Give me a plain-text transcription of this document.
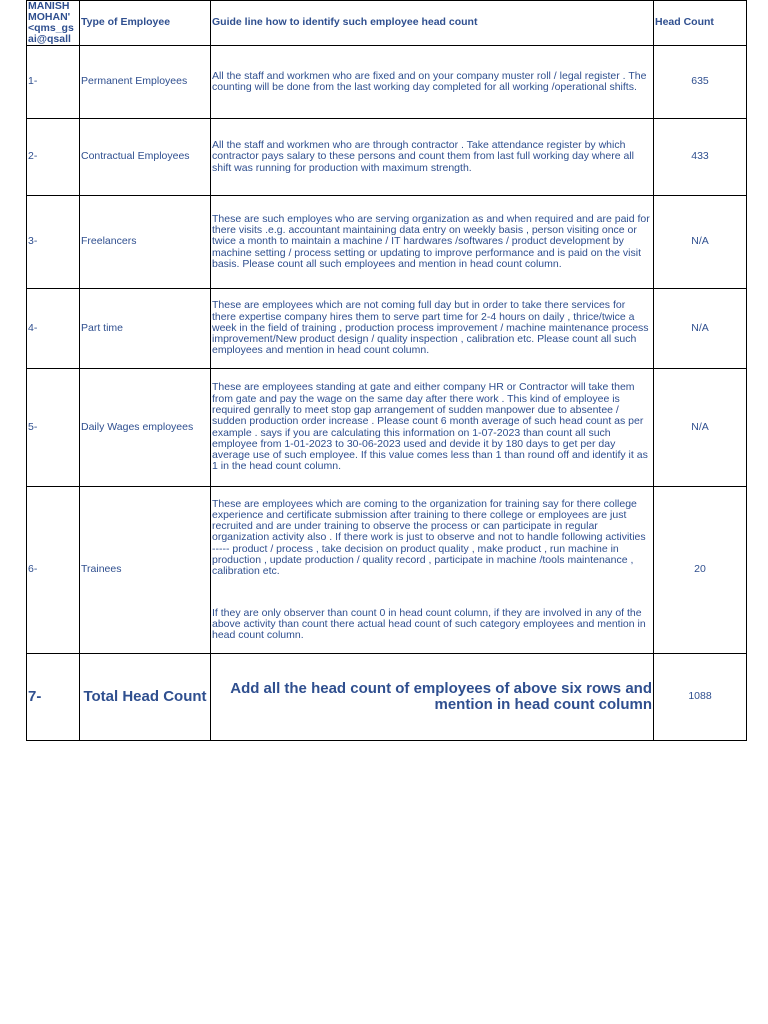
MANISH MOHAN' <qms_gs ai@qsall	Type of Employee	Guide line how to identify such employee head count	Head Count
1-	Permanent Employees	All the staff and workmen who are fixed and on your company muster roll / legal register . The counting will be done from the last working day completed for all working /operational shifts.	635
2-	Contractual Employees	All the staff and workmen who are through contractor . Take attendance register by which contractor pays salary to these persons and count them from last full working day where all shift was running for production with maximum strength.	433
3-	Freelancers	These are such employes who are serving organization as and when required and are paid for there visits .e.g. accountant maintaining data entry on weekly basis , person visiting once or twice a month to maintain a machine / IT hardwares /softwares / product development by machine setting / process setting or updating to improve performance and is paid on the visit basis. Please count all such employees and mention in head count column.	N/A
4-	Part time	These are employees which are not coming full day but in order to take there services for there expertise company hires them to serve part time for 2-4 hours on daily , thrice/twice a week in the field of training , production process improvement / machine maintenance process improvement/New product design / quality inspection , calibration etc. Please count all such employees and mention in head count column.	N/A
5-	Daily Wages employees	These are employees standing at gate and either company HR or Contractor will take them from gate and pay the wage on the same day after there work . This kind of employee is required genrally to meet stop gap arrangement of sudden manpower due to absentee / sudden production order increase . Please count 6 month average of such head count as per example . says if you are calculating this information on 1-07-2023 than count all such employee from 1-01-2023 to 30-06-2023 used and devide it by 180 days to get per day average use of such employee. If this value comes less than 1 than round off and identify it as 1 in the head count column.	N/A
6-	Trainees	These are employees which are coming to the organization for training say for there college experience and certificate submission after training to there college or employees are just recruited and are under training to observe the process or can participate in regular organization activity also . If there work is just to observe and not to handle following activities ----- product / process , take decision on product quality , make product , run machine in production , update production / quality record , participate in machine /tools maintenance , calibration etc.
If they are only observer than count 0 in head count column, if they are involved in any of the above activity than count there actual head count of such category employees and mention in head count column.	20
7-	Total Head Count	Add all the head count of employees of above six rows and mention in head count column	1088
